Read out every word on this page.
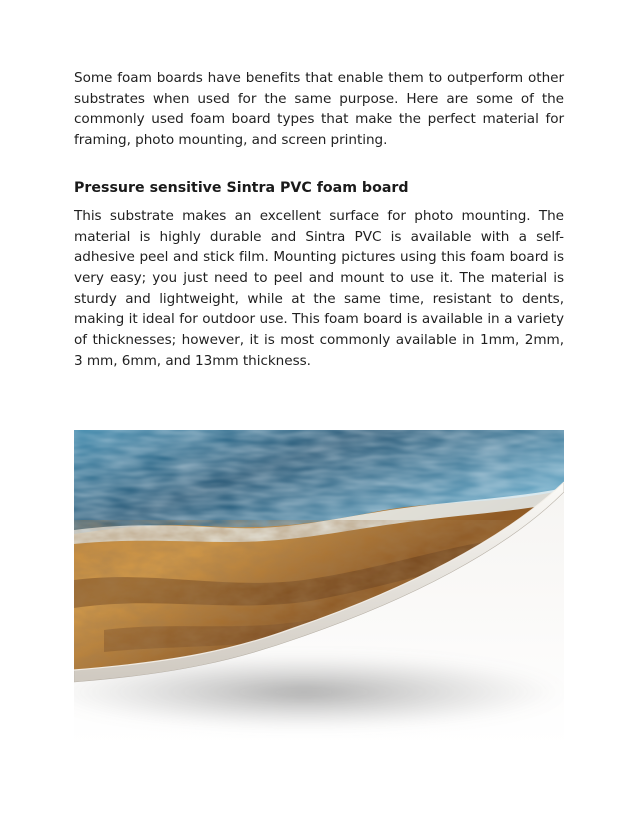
Some foam boards have benefits that enable them to outperform other substrates when used for the same purpose. Here are some of the commonly used foam board types that make the perfect material for framing, photo mounting, and screen printing.

Pressure sensitive Sintra PVC foam board

This substrate makes an excellent surface for photo mounting. The material is highly durable and Sintra PVC is available with a self-adhesive peel and stick film. Mounting pictures using this foam board is very easy; you just need to peel and mount to use it. The material is sturdy and lightweight, while at the same time, resistant to dents, making it ideal for outdoor use. This foam board is available in a variety of thicknesses; however, it is most commonly available in 1mm, 2mm, 3 mm, 6mm, and 13mm thickness.
